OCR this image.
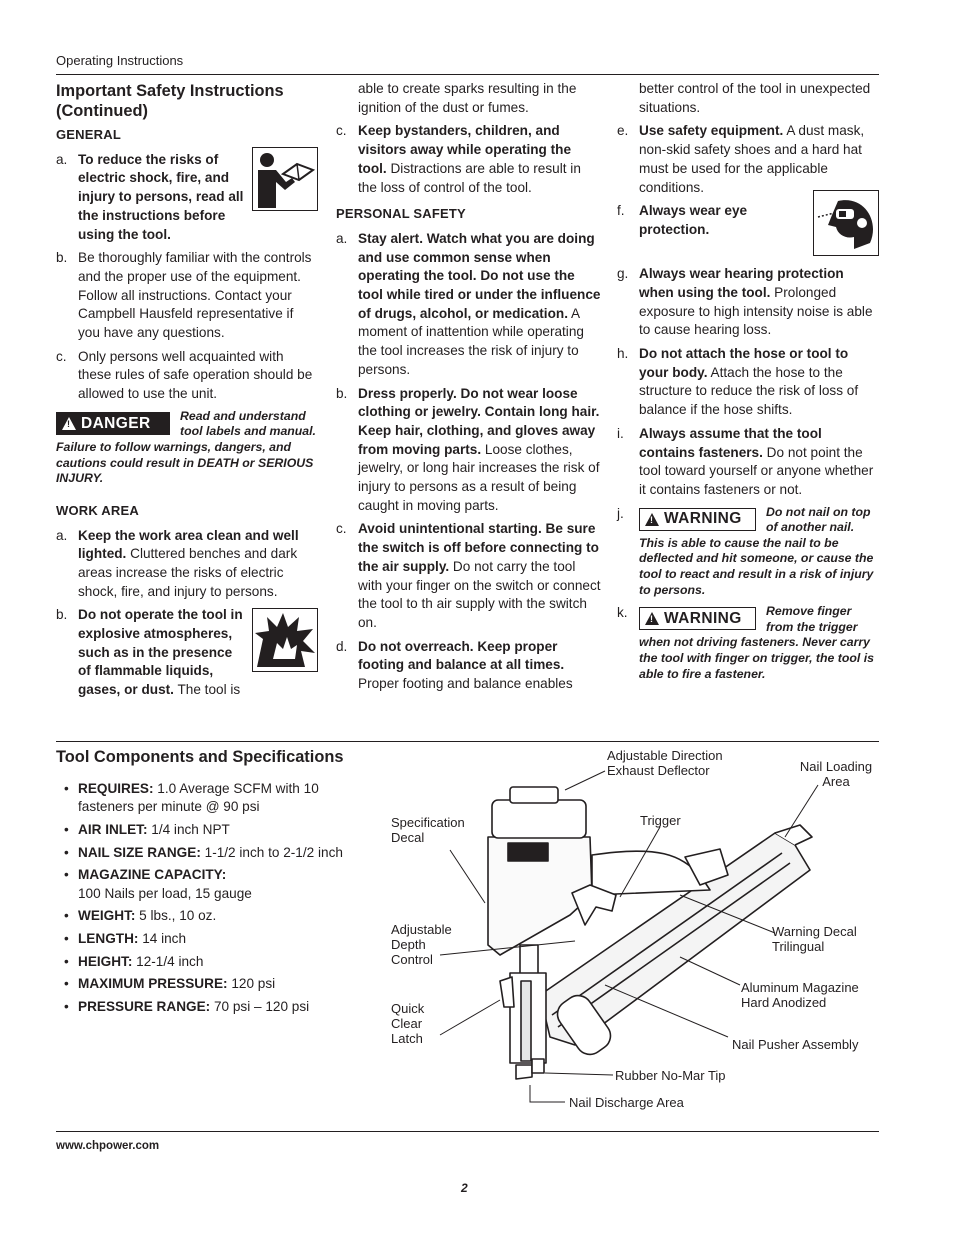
Operating Instructions
Important Safety Instructions (Continued)
GENERAL
a. To reduce the risks of electric shock, fire, and injury to persons, read all the instructions before using the tool.
b. Be thoroughly familiar with the controls and the proper use of the equipment. Follow all instructions. Contact your Campbell Hausfeld representative if you have any questions.
c. Only persons well acquainted with these rules of safe operation should be allowed to use the unit.
! DANGER Read and understand tool labels and manual. Failure to follow warnings, dangers, and cautions could result in DEATH or SERIOUS INJURY.
WORK AREA
a. Keep the work area clean and well lighted. Cluttered benches and dark areas increase the risks of electric shock, fire, and injury to persons.
b. Do not operate the tool in explosive atmospheres, such as in the presence of flammable liquids, gases, or dust. The tool is
able to create sparks resulting in the ignition of the dust or fumes.
c. Keep bystanders, children, and visitors away while operating the tool. Distractions are able to result in the loss of control of the tool.
PERSONAL SAFETY
a. Stay alert. Watch what you are doing and use common sense when operating the tool. Do not use the tool while tired or under the influence of drugs, alcohol, or medication. A moment of inattention while operating the tool increases the risk of injury to persons.
b. Dress properly. Do not wear loose clothing or jewelry. Contain long hair. Keep hair, clothing, and gloves away from moving parts. Loose clothes, jewelry, or long hair increases the risk of injury to persons as a result of being caught in moving parts.
c. Avoid unintentional starting. Be sure the switch is off before connecting to the air supply. Do not carry the tool with your finger on the switch or connect the tool to th air supply with the switch on.
d. Do not overreach. Keep proper footing and balance at all times. Proper footing and balance enables
better control of the tool in unexpected situations.
e. Use safety equipment. A dust mask, non-skid safety shoes and a hard hat must be used for the applicable conditions.
f.	Always wear eye protection.
g. Always wear hearing protection when using the tool. Prolonged exposure to high intensity noise is able to cause hearing loss.
h. Do not attach the hose or tool to your body. Attach the hose to the structure to reduce the risk of loss of balance if the hose shifts.
i.	Always assume that the tool contains fasteners. Do not point the tool toward yourself or anyone whether it contains fasteners or not.
j.	! WARNING Do not nail on top of another nail. This is able to cause the nail to be deflected and hit someone, or cause the tool to react and result in a risk of injury to persons.
k.	! WARNING Remove finger from the trigger when not driving fasteners. Never carry the tool with finger on trigger, the tool is able to fire a fastener.
Tool Components and Specifications
• REQUIRES: 1.0 Average SCFM with 10 fasteners per minute @ 90 psi
• AIR INLET: 1/4 inch NPT
• NAIL SIZE RANGE: 1-1/2 inch to 2-1/2 inch
• MAGAZINE CAPACITY:
100 Nails per load, 15 gauge
• WEIGHT: 5 lbs., 10 oz.
• LENGTH: 14 inch
• HEIGHT: 12-1/4 inch
• MAXIMUM PRESSURE: 120 psi
• PRESSURE RANGE: 70 psi – 120 psi
Adjustable Direction
Exhaust Deflector	Nail Loading
Area
Specification
Decal
Trigger
Adjustable
Depth
Control
Warning Decal
Trilingual
Aluminum Magazine
Hard Anodized
Quick
Clear
Latch	Nail Pusher Assembly
Rubber No-Mar Tip
Nail Discharge Area
www.chpower.com
2
